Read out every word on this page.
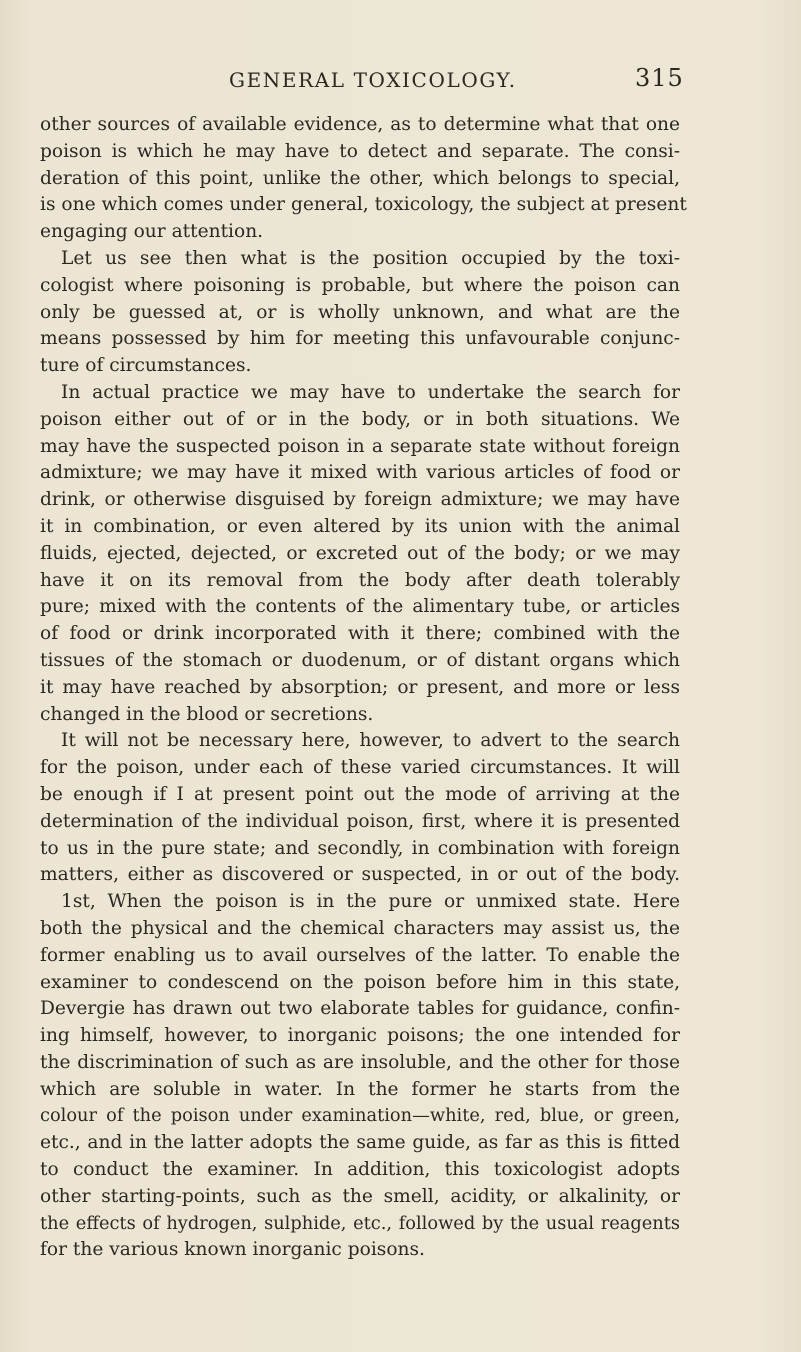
GENERAL TOXICOLOGY.	315
other sources of available evidence, as to determine what that one
poison is which he may have to detect and separate. The consi-
deration of this point, unlike the other, which belongs to special,
is one which comes under general, toxicology, the subject at present
engaging our attention.
Let us see then what is the position occupied by the toxi-
cologist where poisoning is probable, but where the poison can
only be guessed at, or is wholly unknown, and what are the
means possessed by him for meeting this unfavourable conjunc-
ture of circumstances.
In actual practice we may have to undertake the search for
poison either out of or in the body, or in both situations. We
may have the suspected poison in a separate state without foreign
admixture; we may have it mixed with various articles of food or
drink, or otherwise disguised by foreign admixture; we may have
it in combination, or even altered by its union with the animal
fluids, ejected, dejected, or excreted out of the body; or we may
have it on its removal from the body after death tolerably
pure; mixed with the contents of the alimentary tube, or articles
of food or drink incorporated with it there; combined with the
tissues of the stomach or duodenum, or of distant organs which
it may have reached by absorption; or present, and more or less
changed in the blood or secretions.
It will not be necessary here, however, to advert to the search
for the poison, under each of these varied circumstances. It will
be enough if I at present point out the mode of arriving at the
determination of the individual poison, first, where it is presented
to us in the pure state; and secondly, in combination with foreign
matters, either as discovered or suspected, in or out of the body.
1st, When the poison is in the pure or unmixed state. Here
both the physical and the chemical characters may assist us, the
former enabling us to avail ourselves of the latter. To enable the
examiner to condescend on the poison before him in this state,
Devergie has drawn out two elaborate tables for guidance, confin-
ing himself, however, to inorganic poisons; the one intended for
the discrimination of such as are insoluble, and the other for those
which are soluble in water. In the former he starts from the
colour of the poison under examination—white, red, blue, or green,
etc., and in the latter adopts the same guide, as far as this is fitted
to conduct the examiner. In addition, this toxicologist adopts
other starting-points, such as the smell, acidity, or alkalinity, or
the effects of hydrogen, sulphide, etc., followed by the usual reagents
for the various known inorganic poisons.
